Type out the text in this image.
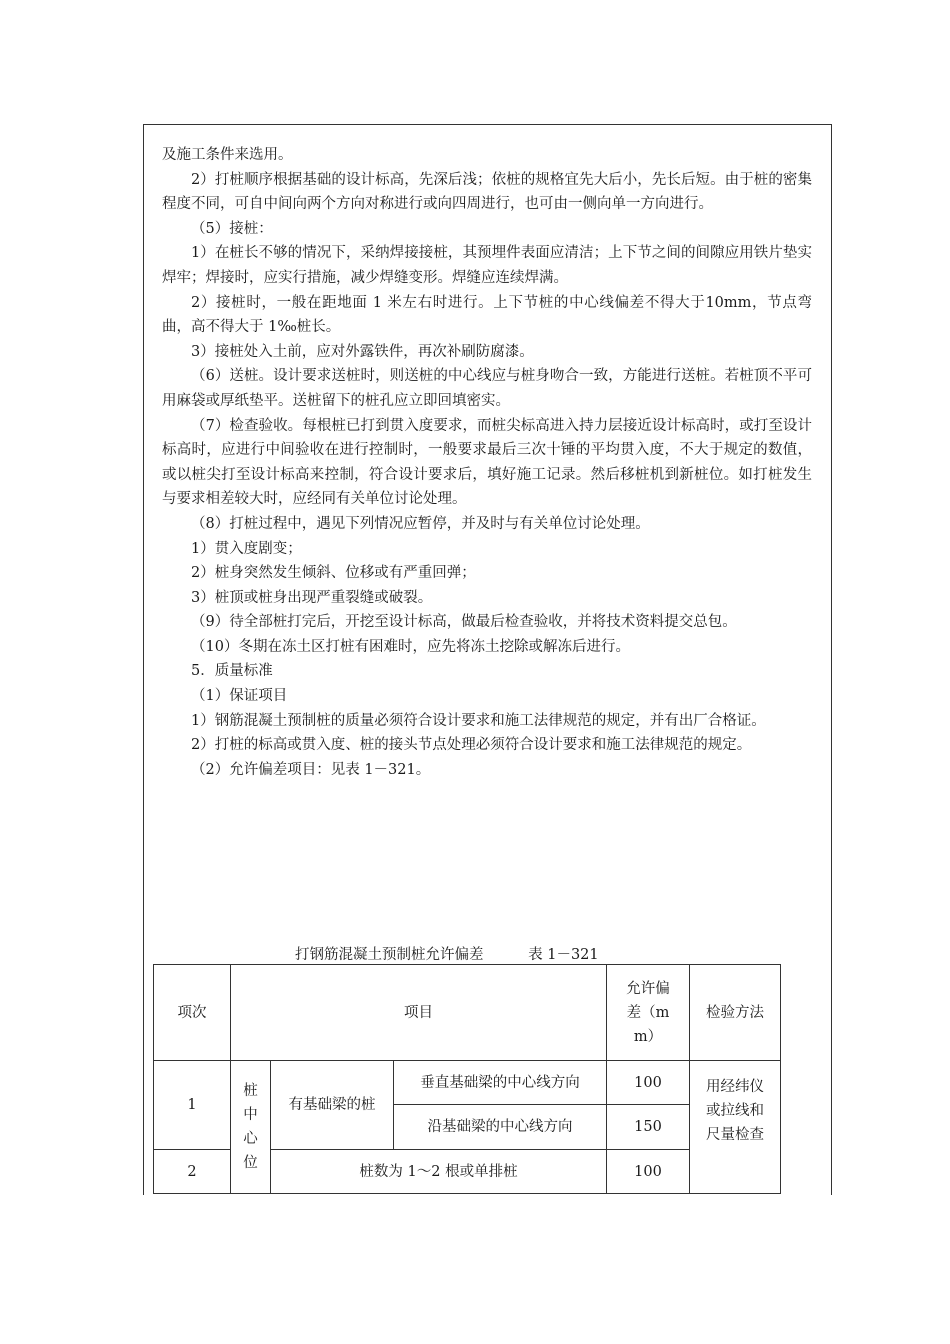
及施工条件来选用。

2）打桩顺序根据基础的设计标高，先深后浅；依桩的规格宜先大后小，先长后短。由于桩的密集程度不同，可自中间向两个方向对称进行或向四周进行，也可由一侧向单一方向进行。

（5）接桩：

1）在桩长不够的情况下，采纳焊接接桩，其预埋件表面应清洁；上下节之间的间隙应用铁片垫实焊牢；焊接时，应实行措施，减少焊缝变形。焊缝应连续焊满。

2）接桩时，一般在距地面 1 米左右时进行。上下节桩的中心线偏差不得大于10mm，节点弯曲，高不得大于 1‰桩长。

3）接桩处入土前，应对外露铁件，再次补刷防腐漆。

（6）送桩。设计要求送桩时，则送桩的中心线应与桩身吻合一致，方能进行送桩。若桩顶不平可用麻袋或厚纸垫平。送桩留下的桩孔应立即回填密实。

（7）检查验收。每根桩已打到贯入度要求，而桩尖标高进入持力层接近设计标高时，或打至设计标高时，应进行中间验收在进行控制时，一般要求最后三次十锤的平均贯入度，不大于规定的数值，或以桩尖打至设计标高来控制，符合设计要求后，填好施工记录。然后移桩机到新桩位。如打桩发生与要求相差较大时，应经同有关单位讨论处理。

（8）打桩过程中，遇见下列情况应暂停，并及时与有关单位讨论处理。

1）贯入度剧变；

2）桩身突然发生倾斜、位移或有严重回弹；

3）桩顶或桩身出现严重裂缝或破裂。

（9）待全部桩打完后，开挖至设计标高，做最后检查验收，并将技术资料提交总包。

（10）冬期在冻土区打桩有困难时，应先将冻土挖除或解冻后进行。

5．质量标准

（1）保证项目

1）钢筋混凝土预制桩的质量必须符合设计要求和施工法律规范的规定，并有出厂合格证。

2）打桩的标高或贯入度、桩的接头节点处理必须符合设计要求和施工法律规范的规定。

（2）允许偏差项目：见表 1－321。

打钢筋混凝土预制桩允许偏差	表 1－321
项次	项目			允许偏差（mm）	检验方法
1	桩中心位	有基础梁的桩	垂直基础梁的中心线方向	100	用经纬仪或拉线和尺量检查

			沿基础梁的中心线方向	150	
2		桩数为 1～2 根或单排桩		100	
